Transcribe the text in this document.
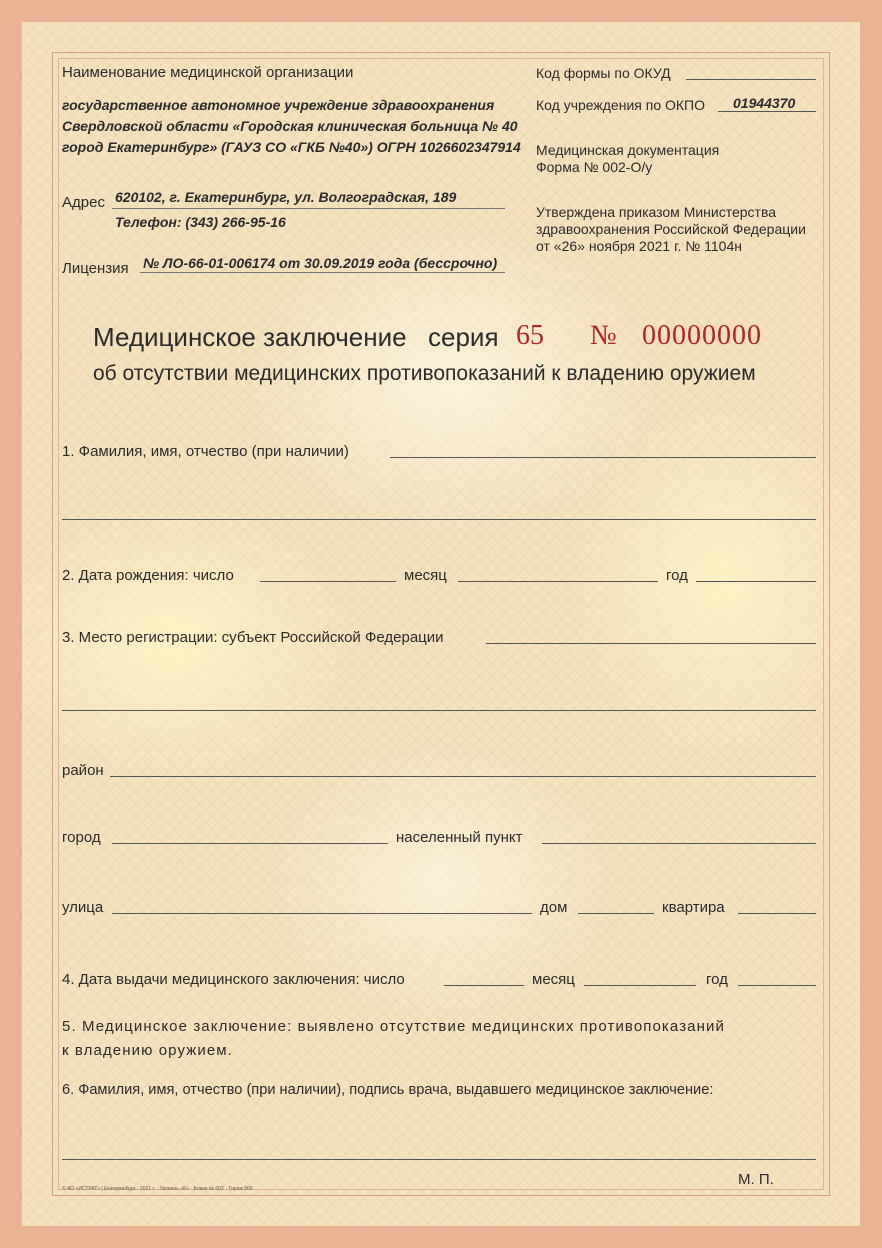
Наименование медицинской организации
государственное автономное учреждение здравоохранения
Свердловской области «Городская клиническая больница № 40
город Екатеринбург» (ГАУЗ СО «ГКБ №40») ОГРН 1026602347914
Адрес 620102, г. Екатеринбург, ул. Волгоградская, 189
Телефон: (343) 266-95-16
Лицензия № ЛО-66-01-006174 от 30.09.2019 года (бессрочно)
Код формы по ОКУД
Код учреждения по ОКПО 01944370
Медицинская документация
Форма № 002-О/у
Утверждена приказом Министерства
здравоохранения Российской Федерации
от «26» ноября 2021 г. № 1104н
Медицинское заключение серия 65 № 00000000
об отсутствии медицинских противопоказаний к владению оружием
1. Фамилия, имя, отчество (при наличии)
2. Дата рождения: число	месяц	год
3. Место регистрации: субъект Российской Федерации
район
город	населенный пункт
улица	дом	квартира
4. Дата выдачи медицинского заключения: число	месяц	год
5. Медицинское заключение: выявлено отсутствие медицинских противопоказаний
к владению оружием.
6. Фамилия, имя, отчество (при наличии), подпись врача, выдавшего медицинское заключение:
М. П.
© АО «ИСТРАТ» | Екатеринбург · 2021 г. · Уровень «Б» · Бланк № 002 · Тираж 800
